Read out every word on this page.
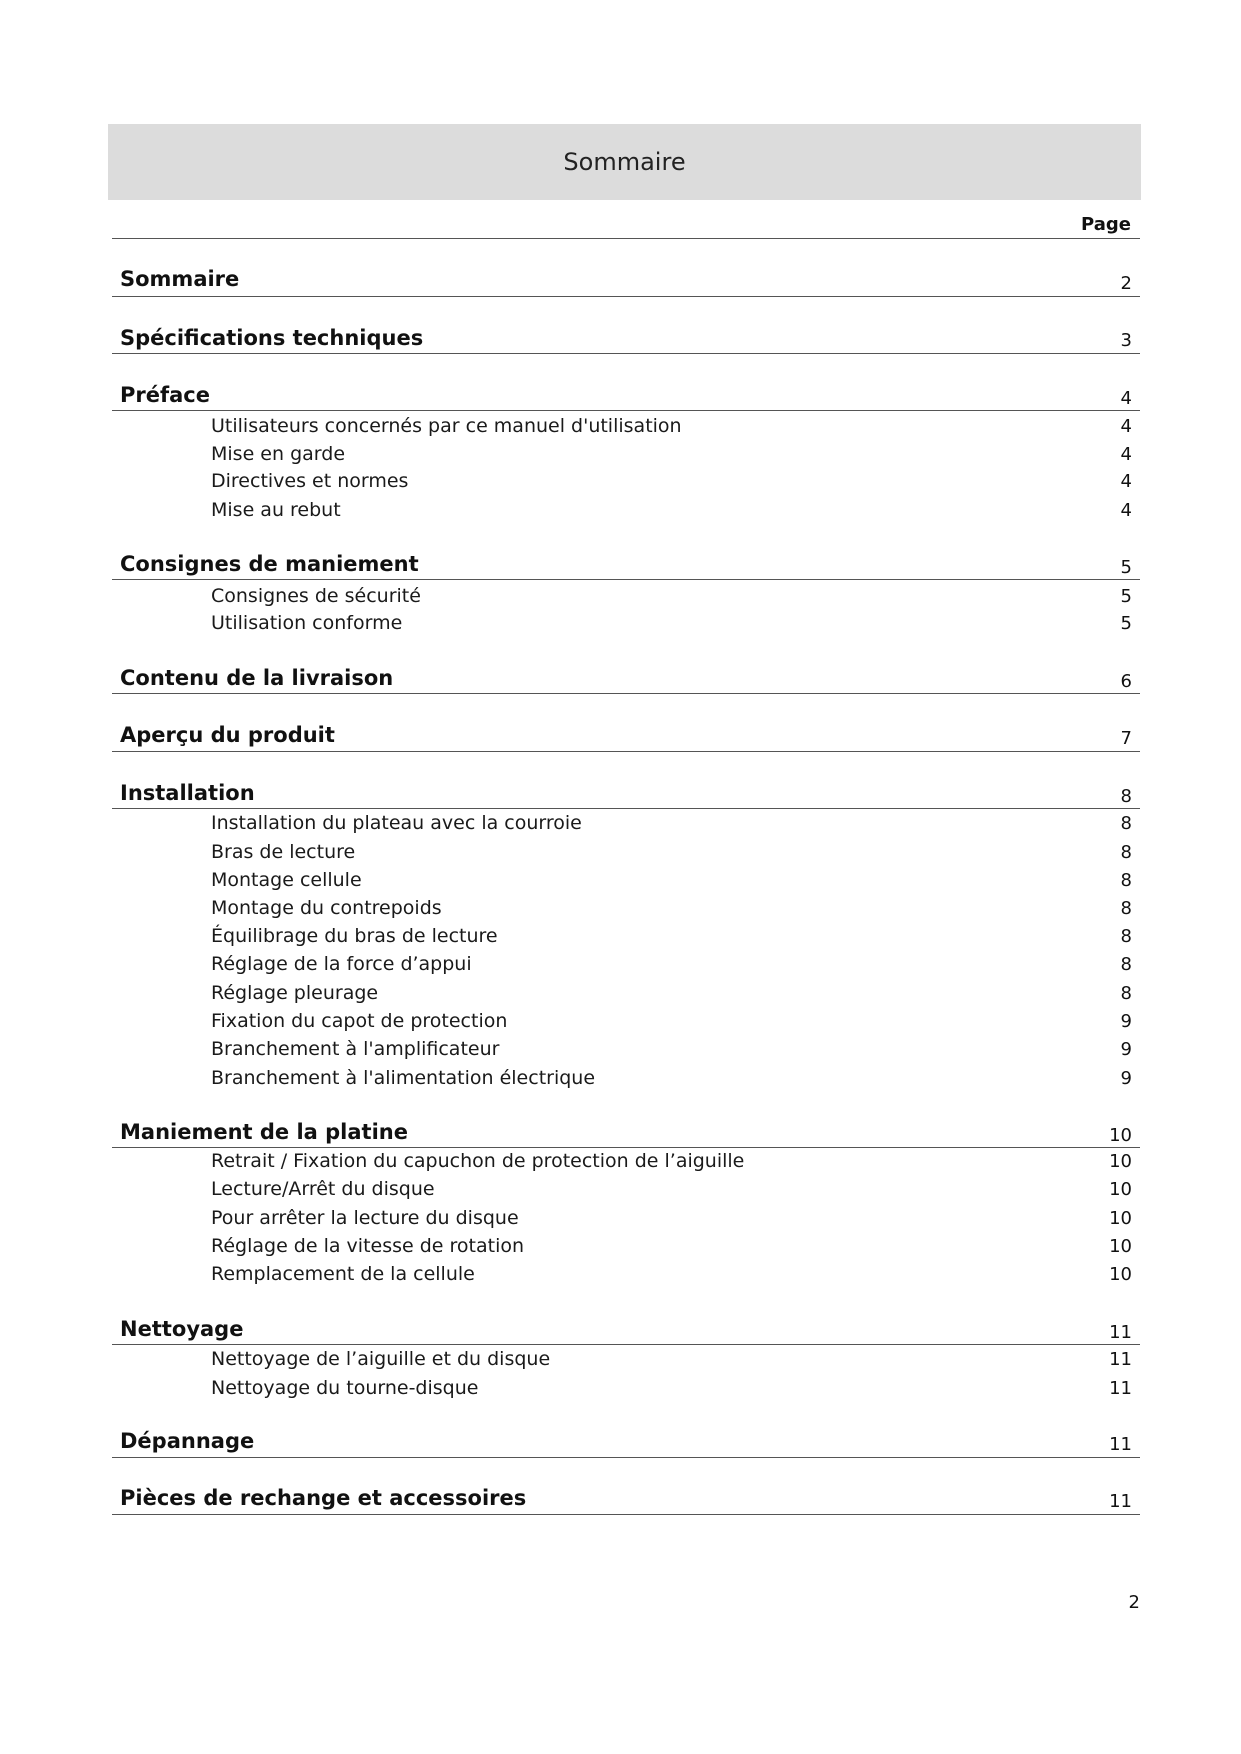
Sommaire
Page
Sommaire	2
Spécifications techniques	3
Préface	4
Utilisateurs concernés par ce manuel d'utilisation	4
Mise en garde	4
Directives et normes	4
Mise au rebut	4
Consignes de maniement	5
Consignes de sécurité	5
Utilisation conforme	5
Contenu de la livraison	6
Aperçu du produit	7
Installation	8
Installation du plateau avec la courroie	8
Bras de lecture	8
Montage cellule	8
Montage du contrepoids	8
Équilibrage du bras de lecture	8
Réglage de la force d’appui	8
Réglage pleurage	8
Fixation du capot de protection	9
Branchement à l'amplificateur	9
Branchement à l'alimentation électrique	9
Maniement de la platine	10
Retrait / Fixation du capuchon de protection de l’aiguille	10
Lecture/Arrêt du disque	10
Pour arrêter la lecture du disque	10
Réglage de la vitesse de rotation	10
Remplacement de la cellule	10
Nettoyage	11
Nettoyage de l’aiguille et du disque	11
Nettoyage du tourne-disque	11
Dépannage	11
Pièces de rechange et accessoires	11
2
